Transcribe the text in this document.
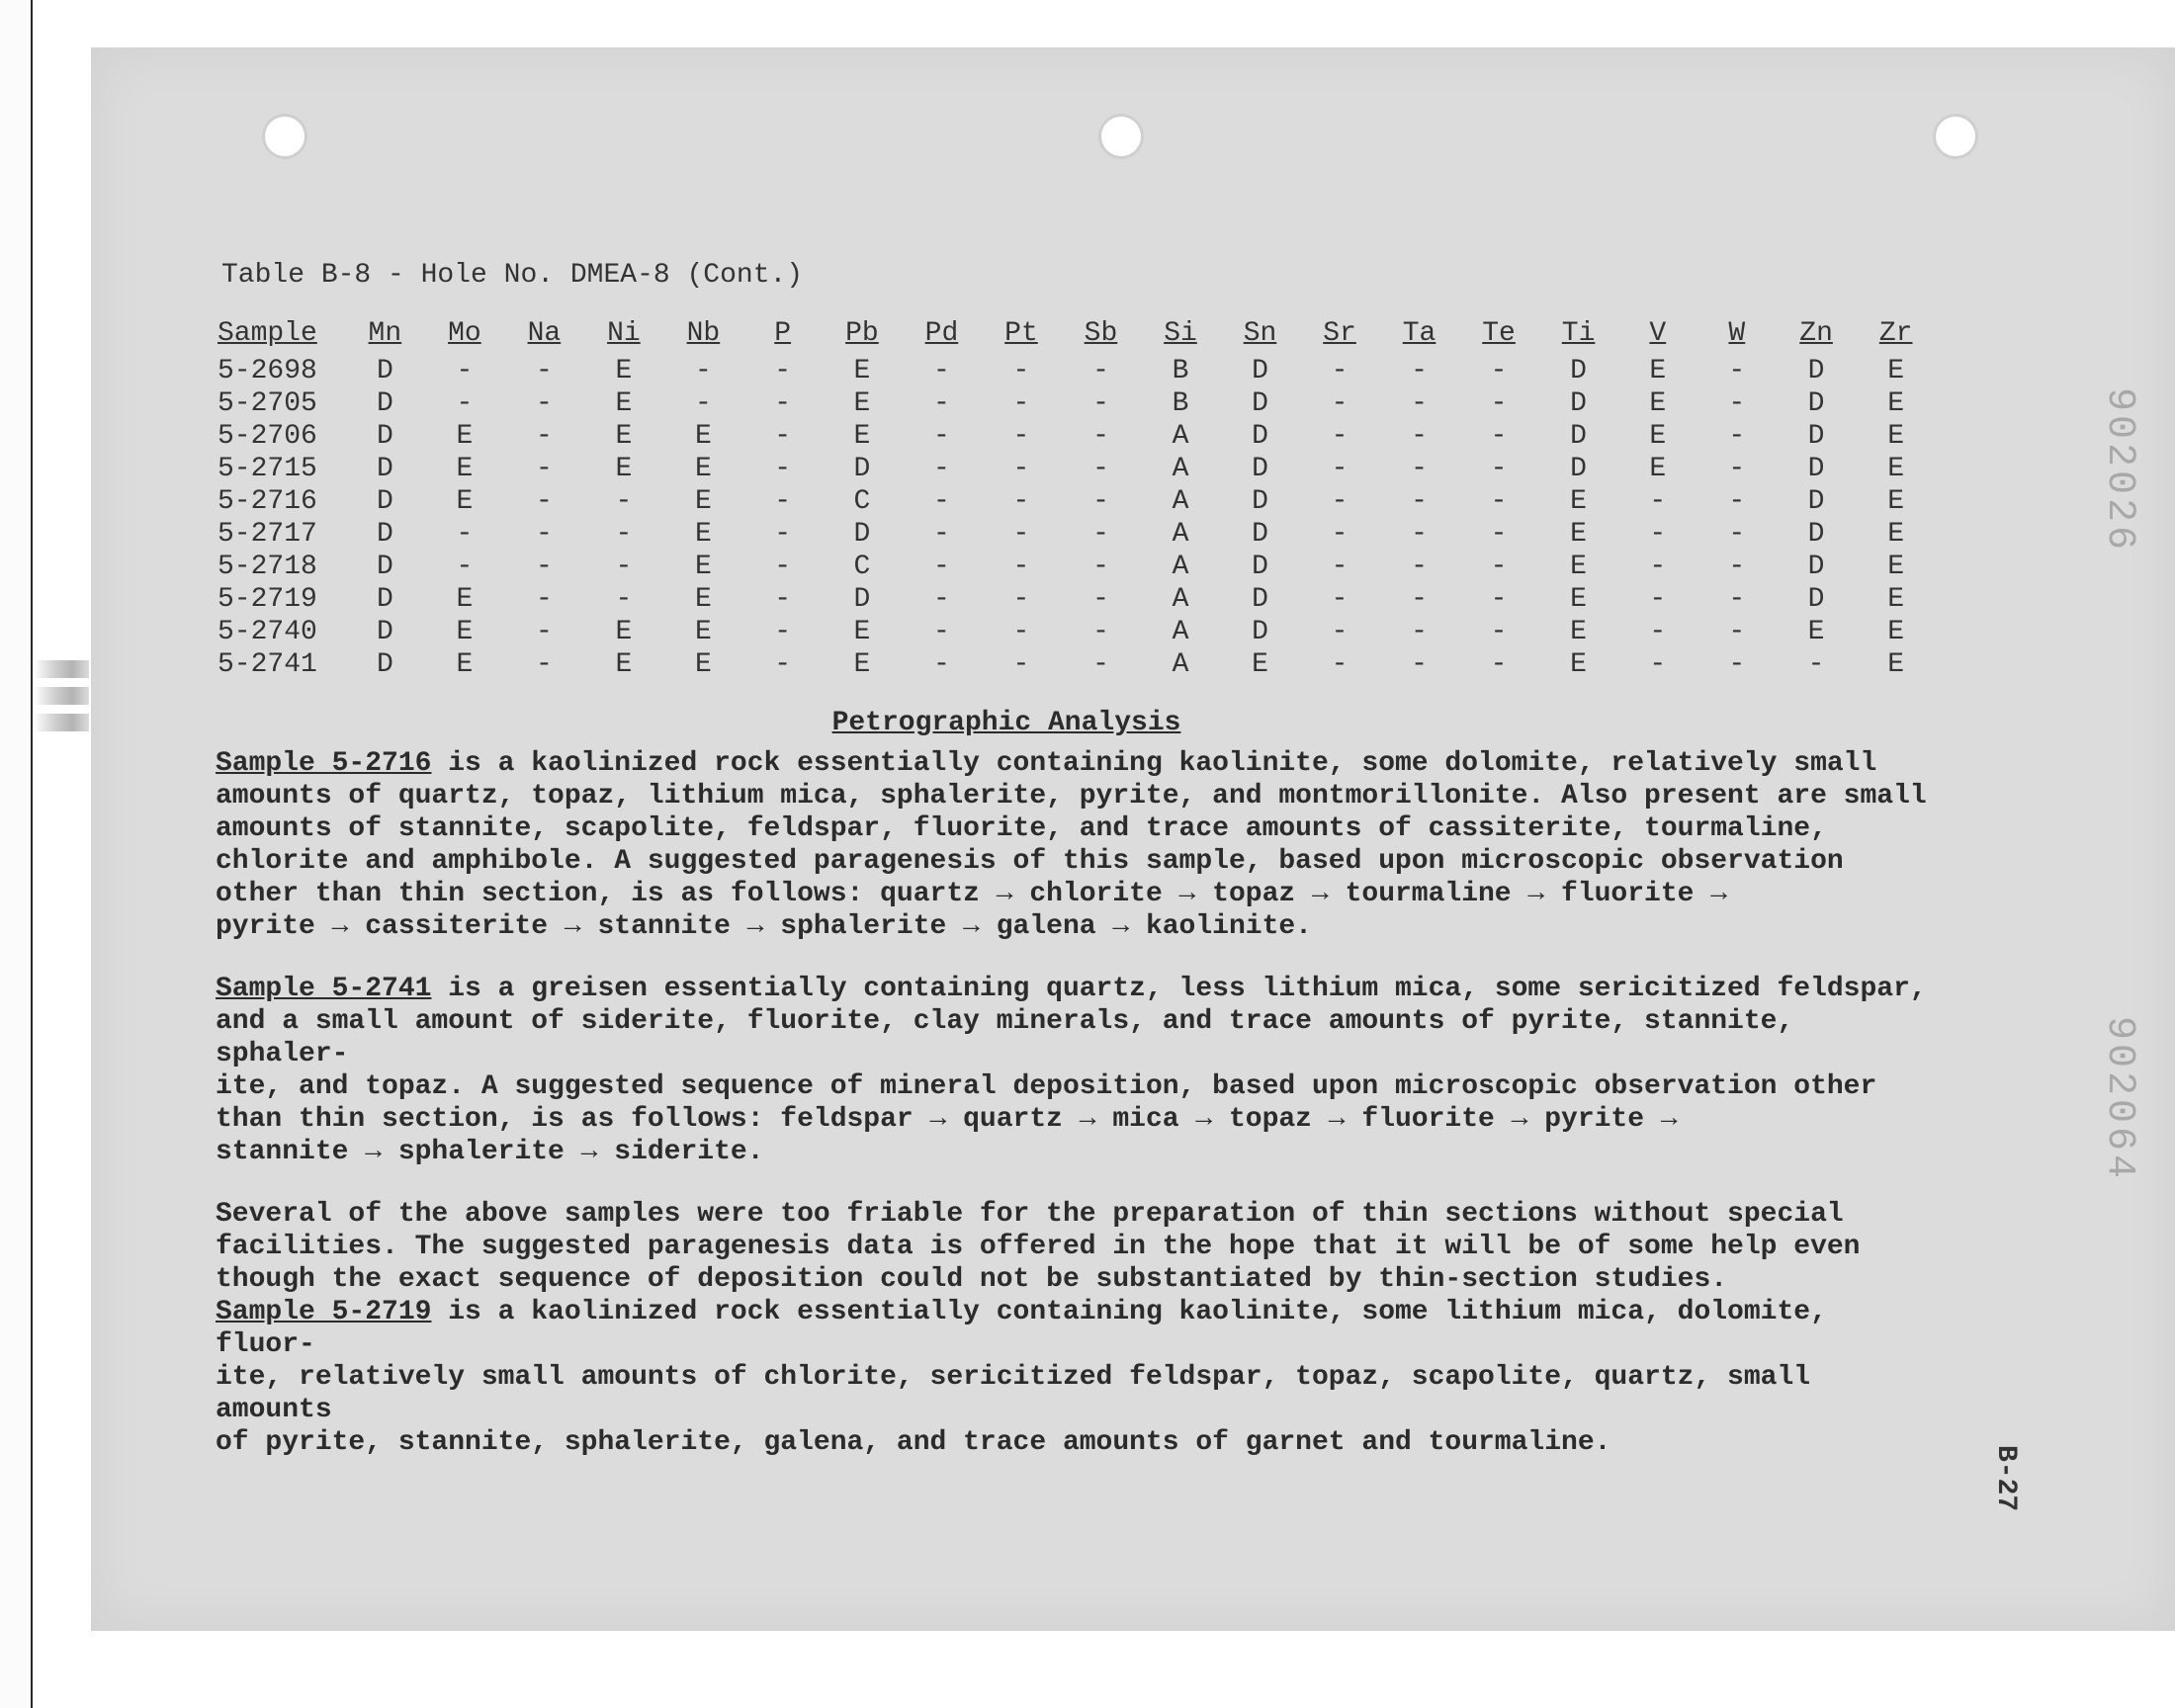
902026
902064
B-27
Table B-8 - Hole No. DMEA-8 (Cont.)
Sample	Mn	Mo	Na	Ni	Nb	P	Pb	Pd	Pt	Sb	Si	Sn	Sr	Ta	Te	Ti	V	W	Zn	Zr
5-2698	D	-	-	E	-	-	E	-	-	-	B	D	-	-	-	D	E	-	D	E
5-2705	D	-	-	E	-	-	E	-	-	-	B	D	-	-	-	D	E	-	D	E
5-2706	D	E	-	E	E	-	E	-	-	-	A	D	-	-	-	D	E	-	D	E
5-2715	D	E	-	E	E	-	D	-	-	-	A	D	-	-	-	D	E	-	D	E
5-2716	D	E	-	-	E	-	C	-	-	-	A	D	-	-	-	E	-	-	D	E
5-2717	D	-	-	-	E	-	D	-	-	-	A	D	-	-	-	E	-	-	D	E
5-2718	D	-	-	-	E	-	C	-	-	-	A	D	-	-	-	E	-	-	D	E
5-2719	D	E	-	-	E	-	D	-	-	-	A	D	-	-	-	E	-	-	D	E
5-2740	D	E	-	E	E	-	E	-	-	-	A	D	-	-	-	E	-	-	E	E
5-2741	D	E	-	E	E	-	E	-	-	-	A	E	-	-	-	E	-	-	-	E
Petrographic Analysis
Sample 5-2716 is a kaolinized rock essentially containing kaolinite, some dolomite, relatively small
amounts of quartz, topaz, lithium mica, sphalerite, pyrite, and montmorillonite. Also present are small
amounts of stannite, scapolite, feldspar, fluorite, and trace amounts of cassiterite, tourmaline,
chlorite and amphibole. A suggested paragenesis of this sample, based upon microscopic observation
other than thin section, is as follows: quartz → chlorite → topaz → tourmaline → fluorite →
pyrite → cassiterite → stannite → sphalerite → galena → kaolinite.
Sample 5-2741 is a greisen essentially containing quartz, less lithium mica, some sericitized feldspar,
and a small amount of siderite, fluorite, clay minerals, and trace amounts of pyrite, stannite, sphaler-
ite, and topaz. A suggested sequence of mineral deposition, based upon microscopic observation other
than thin section, is as follows: feldspar → quartz → mica → topaz → fluorite → pyrite →
stannite → sphalerite → siderite.
Several of the above samples were too friable for the preparation of thin sections without special
facilities. The suggested paragenesis data is offered in the hope that it will be of some help even
though the exact sequence of deposition could not be substantiated by thin-section studies.
Sample 5-2719 is a kaolinized rock essentially containing kaolinite, some lithium mica, dolomite, fluor-
ite, relatively small amounts of chlorite, sericitized feldspar, topaz, scapolite, quartz, small amounts
of pyrite, stannite, sphalerite, galena, and trace amounts of garnet and tourmaline.
